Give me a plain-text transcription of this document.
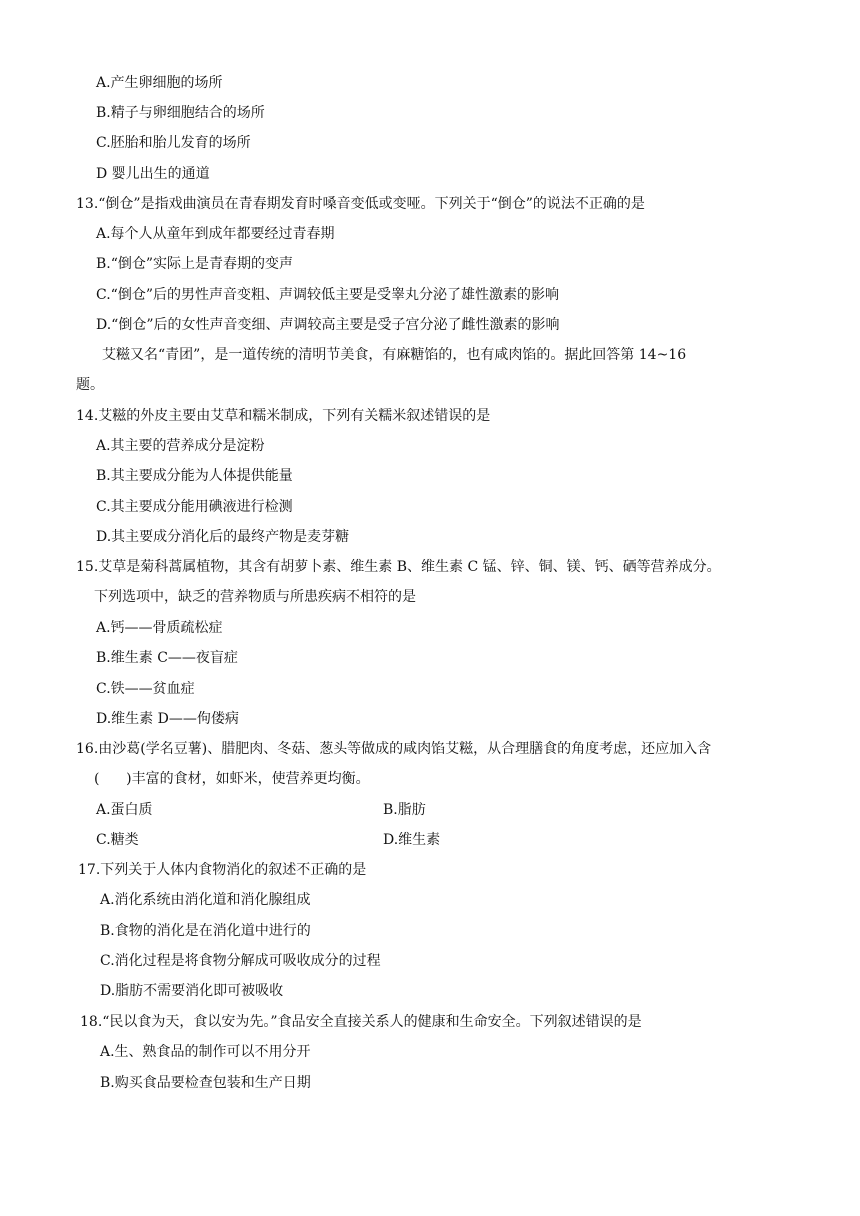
A.产生卵细胞的场所
B.精子与卵细胞结合的场所
C.胚胎和胎儿发育的场所
D 婴儿出生的通道
13.“倒仓”是指戏曲演员在青春期发育时嗓音变低或变哑。下列关于“倒仓”的说法不正确的是
A.每个人从童年到成年都要经过青春期
B.“倒仓”实际上是青春期的变声
C.“倒仓”后的男性声音变粗、声调较低主要是受睾丸分泌了雄性激素的影响
D.“倒仓”后的女性声音变细、声调较高主要是受子宫分泌了雌性激素的影响
艾糍又名“青团”，是一道传统的清明节美食，有麻糖馅的，也有咸肉馅的。据此回答第 14~16
题。
14.艾糍的外皮主要由艾草和糯米制成，下列有关糯米叙述错误的是
A.其主要的营养成分是淀粉
B.其主要成分能为人体提供能量
C.其主要成分能用碘液进行检测
D.其主要成分消化后的最终产物是麦芽糖
15.艾草是菊科蒿属植物，其含有胡萝卜素、维生素 B、维生素 C 锰、锌、铜、镁、钙、硒等营养成分。
下列选项中，缺乏的营养物质与所患疾病不相符的是
A.钙——骨质疏松症
B.维生素 C——夜盲症
C.铁——贫血症
D.维生素 D——佝偻病
16.由沙葛(学名豆薯)、腊肥肉、冬菇、葱头等做成的咸肉馅艾糍，从合理膳食的角度考虑，还应加入含
(      )丰富的食材，如虾米，使营养更均衡。
A.蛋白质	B.脂肪
C.糖类	D.维生素
17.下列关于人体内食物消化的叙述不正确的是
A.消化系统由消化道和消化腺组成
B.食物的消化是在消化道中进行的
C.消化过程是将食物分解成可吸收成分的过程
D.脂肪不需要消化即可被吸收
18.“民以食为天，食以安为先。”食品安全直接关系人的健康和生命安全。下列叙述错误的是
A.生、熟食品的制作可以不用分开
B.购买食品要检查包装和生产日期
